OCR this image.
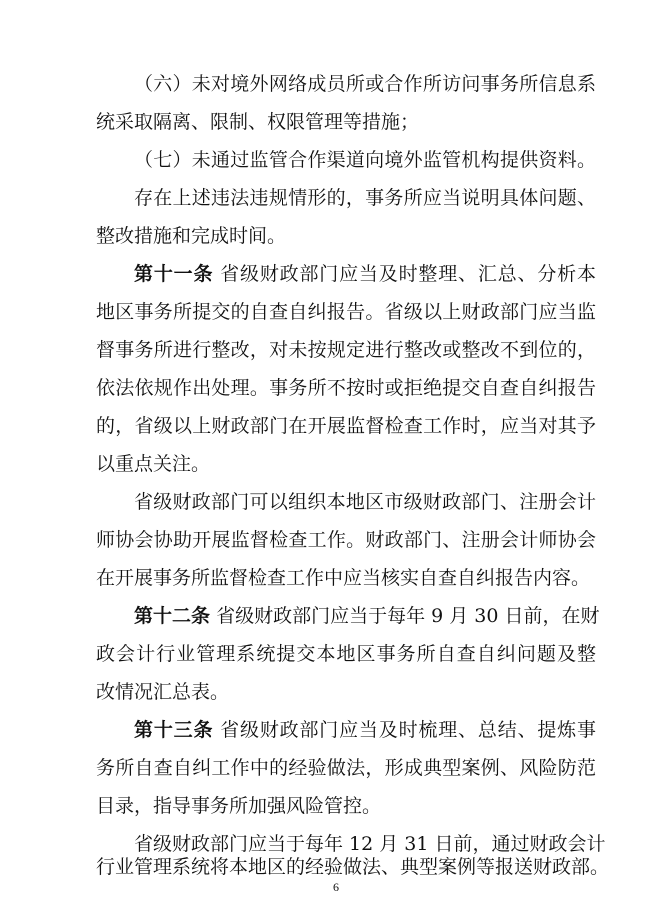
（六）未对境外网络成员所或合作所访问事务所信息系
统采取隔离、限制、权限管理等措施；
（七）未通过监管合作渠道向境外监管机构提供资料。
存在上述违法违规情形的，事务所应当说明具体问题、
整改措施和完成时间。
第十一条 省级财政部门应当及时整理、汇总、分析本
地区事务所提交的自查自纠报告。省级以上财政部门应当监
督事务所进行整改，对未按规定进行整改或整改不到位的，
依法依规作出处理。事务所不按时或拒绝提交自查自纠报告
的，省级以上财政部门在开展监督检查工作时，应当对其予
以重点关注。
省级财政部门可以组织本地区市级财政部门、注册会计
师协会协助开展监督检查工作。财政部门、注册会计师协会
在开展事务所监督检查工作中应当核实自查自纠报告内容。
第十二条 省级财政部门应当于每年 9 月 30 日前，在财
政会计行业管理系统提交本地区事务所自查自纠问题及整
改情况汇总表。
第十三条 省级财政部门应当及时梳理、总结、提炼事
务所自查自纠工作中的经验做法，形成典型案例、风险防范
目录，指导事务所加强风险管控。
省级财政部门应当于每年 12 月 31 日前，通过财政会计
行业管理系统将本地区的经验做法、典型案例等报送财政部。
6
